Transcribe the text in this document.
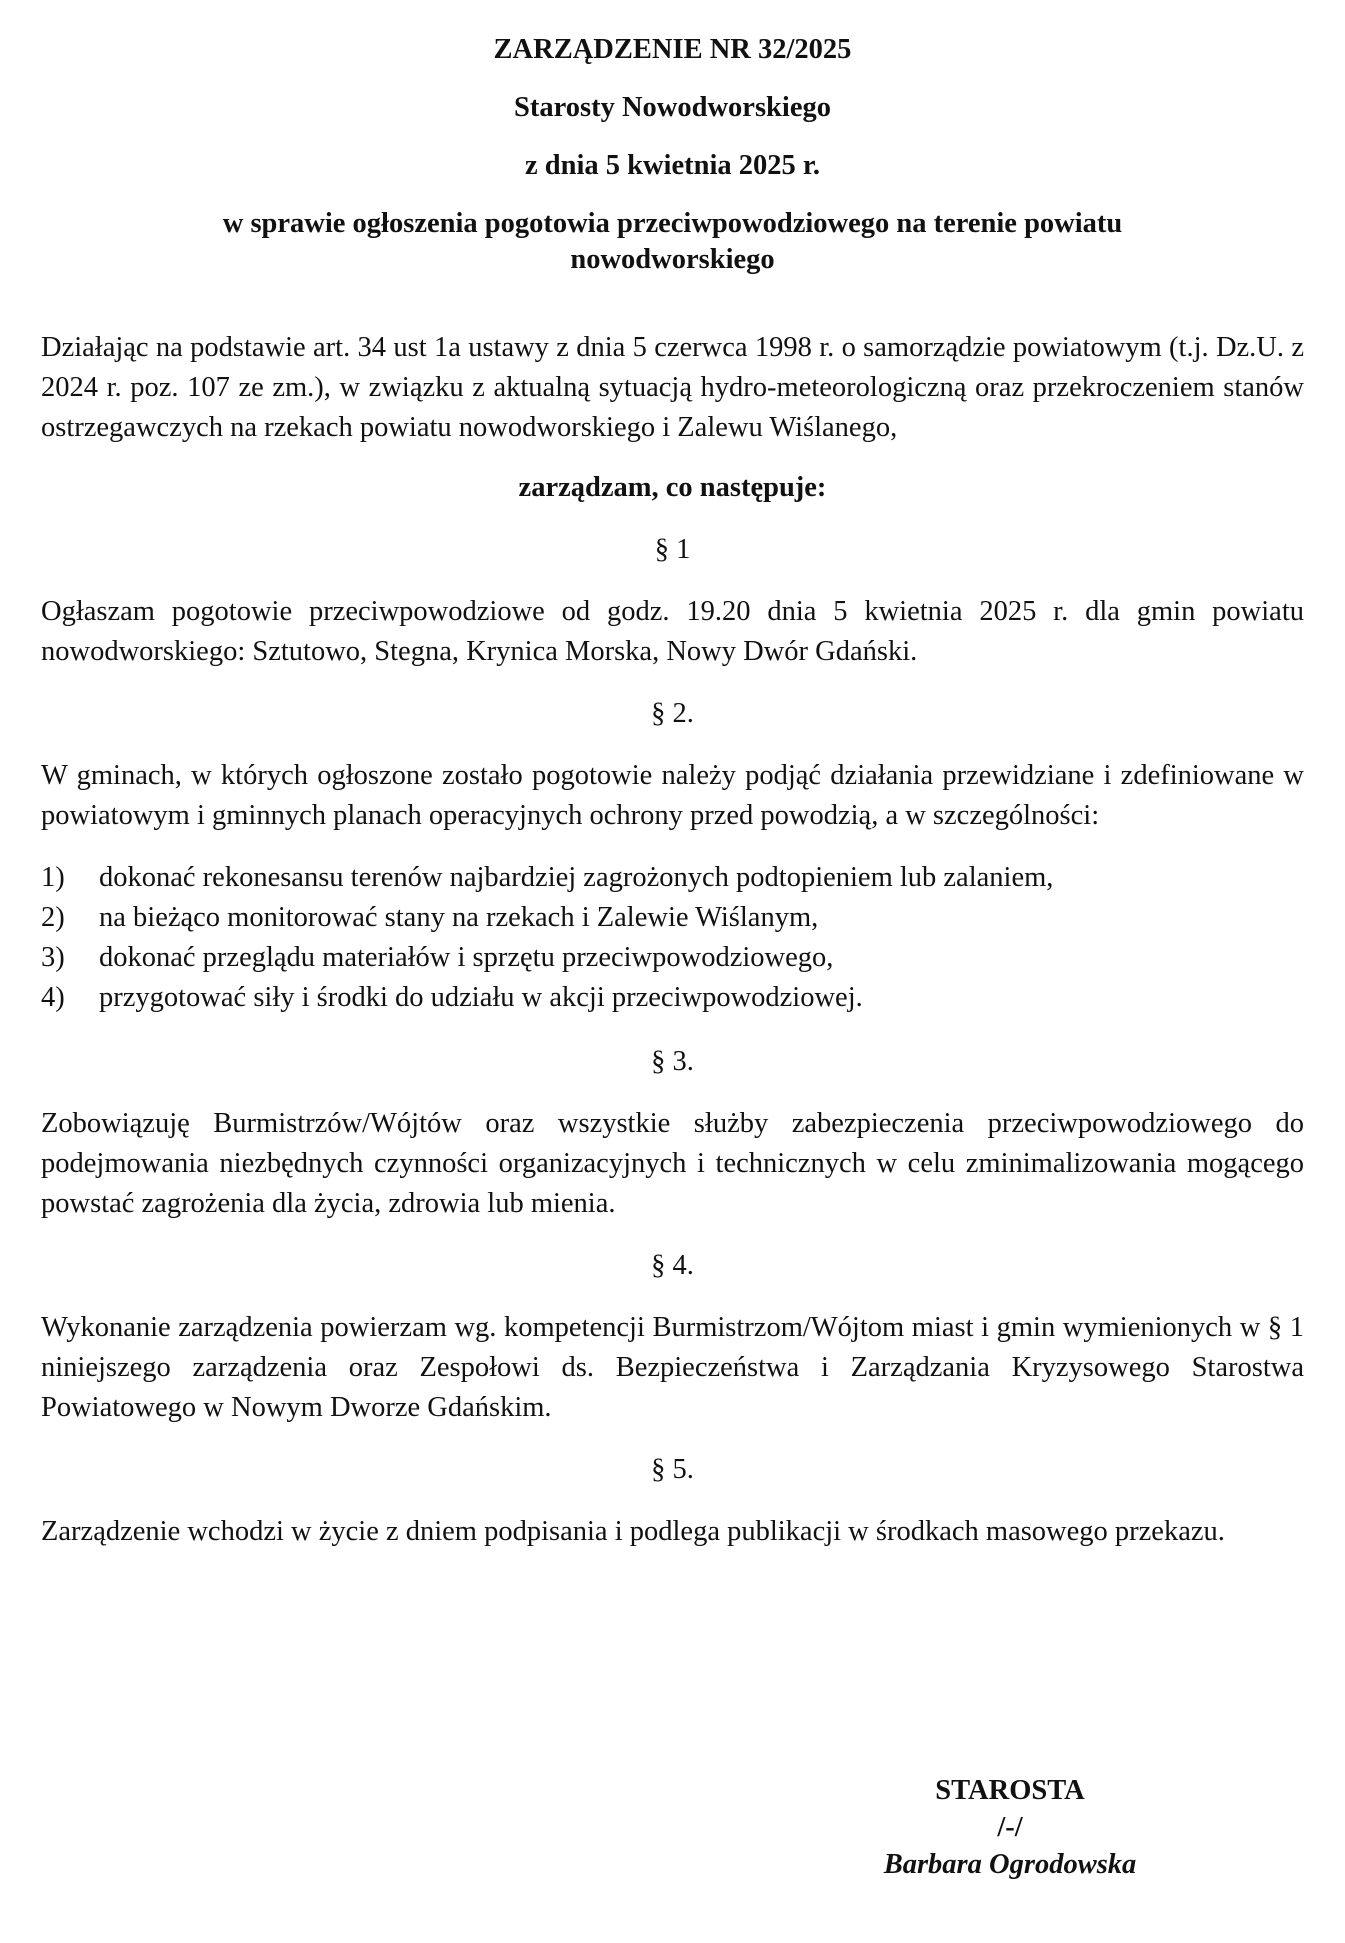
ZARZĄDZENIE NR 32/2025
Starosty Nowodworskiego
z dnia 5 kwietnia 2025 r.
w sprawie ogłoszenia pogotowia przeciwpowodziowego na terenie powiatu nowodworskiego

Działając na podstawie art. 34 ust 1a ustawy z dnia 5 czerwca 1998 r. o samorządzie powiatowym (t.j. Dz.U. z 2024 r. poz. 107 ze zm.), w związku z aktualną sytuacją hydro-meteorologiczną oraz przekroczeniem stanów ostrzegawczych na rzekach powiatu nowodworskiego i Zalewu Wiślanego,

zarządzam, co następuje:
§ 1

Ogłaszam pogotowie przeciwpowodziowe od godz. 19.20 dnia 5 kwietnia 2025 r. dla gmin powiatu nowodworskiego: Sztutowo, Stegna, Krynica Morska, Nowy Dwór Gdański.

§ 2.

W gminach, w których ogłoszone zostało pogotowie należy podjąć działania przewidziane i zdefiniowane w powiatowym i gminnych planach operacyjnych ochrony przed powodzią, a w szczególności:

1)	dokonać rekonesansu terenów najbardziej zagrożonych podtopieniem lub zalaniem,
2)	na bieżąco monitorować stany na rzekach i Zalewie Wiślanym,
3)	dokonać przeglądu materiałów i sprzętu przeciwpowodziowego,
4)	przygotować siły i środki do udziału w akcji przeciwpowodziowej.
§ 3.

Zobowiązuję Burmistrzów/Wójtów oraz wszystkie służby zabezpieczenia przeciwpowodziowego do podejmowania niezbędnych czynności organizacyjnych i technicznych w celu zminimalizowania mogącego powstać zagrożenia dla życia, zdrowia lub mienia.

§ 4.

Wykonanie zarządzenia powierzam wg. kompetencji Burmistrzom/Wójtom miast i gmin wymienionych w § 1 niniejszego zarządzenia oraz Zespołowi ds. Bezpieczeństwa i Zarządzania Kryzysowego Starostwa Powiatowego w Nowym Dworze Gdańskim.

§ 5.

Zarządzenie wchodzi w życie z dniem podpisania i podlega publikacji w środkach masowego przekazu.

STAROSTA
/-/
Barbara Ogrodowska
